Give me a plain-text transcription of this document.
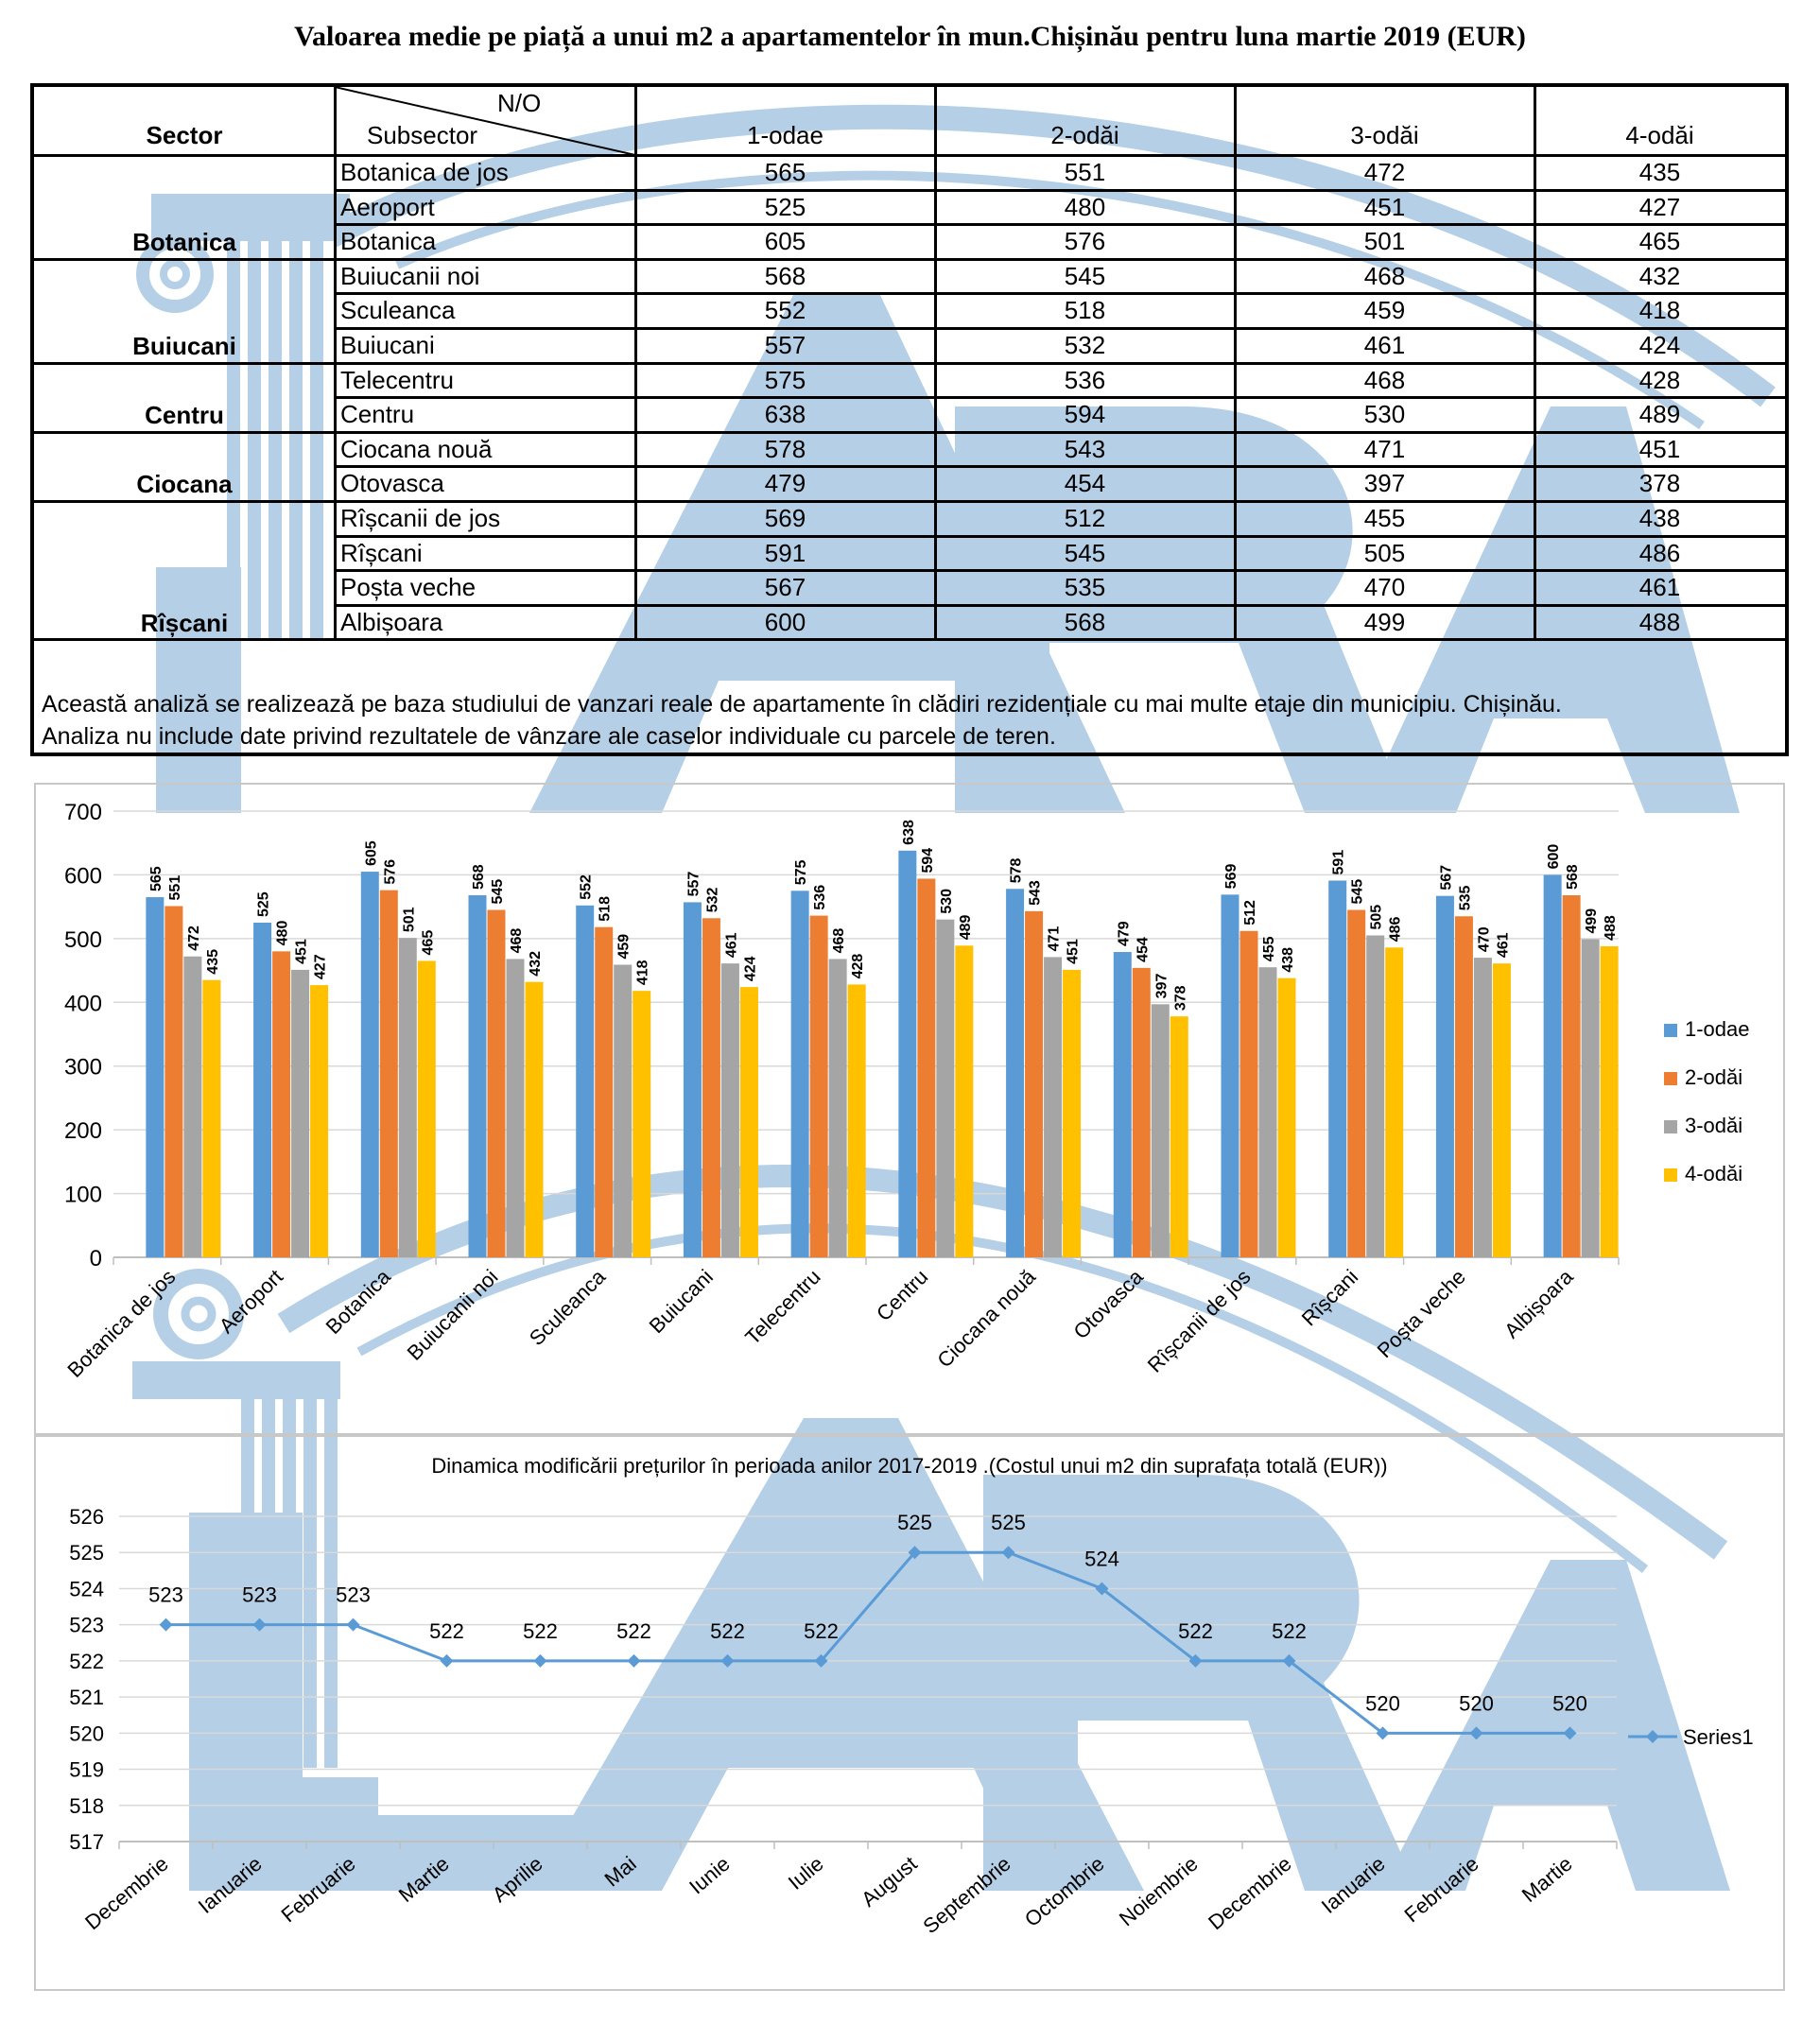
Valoarea medie pe piață a unui m2 a apartamentelor în mun.Chișinău pentru luna martie 2019 (EUR)
Sector
N/O
Subsector	1-odae	2-odăi	3-odăi	4-odăi
Botanica de jos	565	551	472	435
Aeroport	525	480	451	427
Botanica	605	576	501	465
Botanica
Buiucanii noi	568	545	468	432
Sculeanca	552	518	459	418
Buiucani	557	532	461	424
Buiucani
Telecentru	575	536	468	428
Centru	638	594	530	489
Centru
Ciocana nouă	578	543	471	451
Otovasca	479	454	397	378
Ciocana
Rîșcanii de jos	569	512	455	438
Rîșcani	591	545	505	486
Poșta veche	567	535	470	461
Albișoara	600	568	499	488
Rîșcani
Această analiză se realizează pe baza studiului de vanzari reale de apartamente în clădiri rezidențiale cu mai multe etaje din municipiu. Chișinău.
Analiza nu include date privind rezultatele de vânzare ale caselor individuale cu parcele de teren.
0
100
200
300
400
500
600
700
565 551
472
435
Botanica de jos
525
480
451
427
Aeroport
605
576
501
465
Botanica
568
545
468
432
Buiucanii noi
552
518
459
418
Sculeanca
557
532
461
424
Buiucani
575
536
468
428
Telecentru
638
594
530
489
Centru
578
543
471
451
Ciocana nouă
479
454
397 378
Otovasca
569
512
455 438
Rîșcanii de jos
591
545
505 486
Rîșcani
567
535
470 461
Poșta veche
600
568
499 488
Albișoara
1-odae
2-odăi
3-odăi
4-odăi
Dinamica modificării prețurilor în perioada anilor 2017-2019 .(Costul unui m2 din suprafața totală (EUR))
517
518
519
520
521
522
523
524
525
526
523	523	523
522	522	522	522	522
525	525
524
522	522
520	520	520
Decembrie Ianuarie Februarie Martie Aprilie	Mai Iunie Iulie August
Septembrie Octombrie Noiembrie Decembrie Ianuarie Februarie Martie
Series1
